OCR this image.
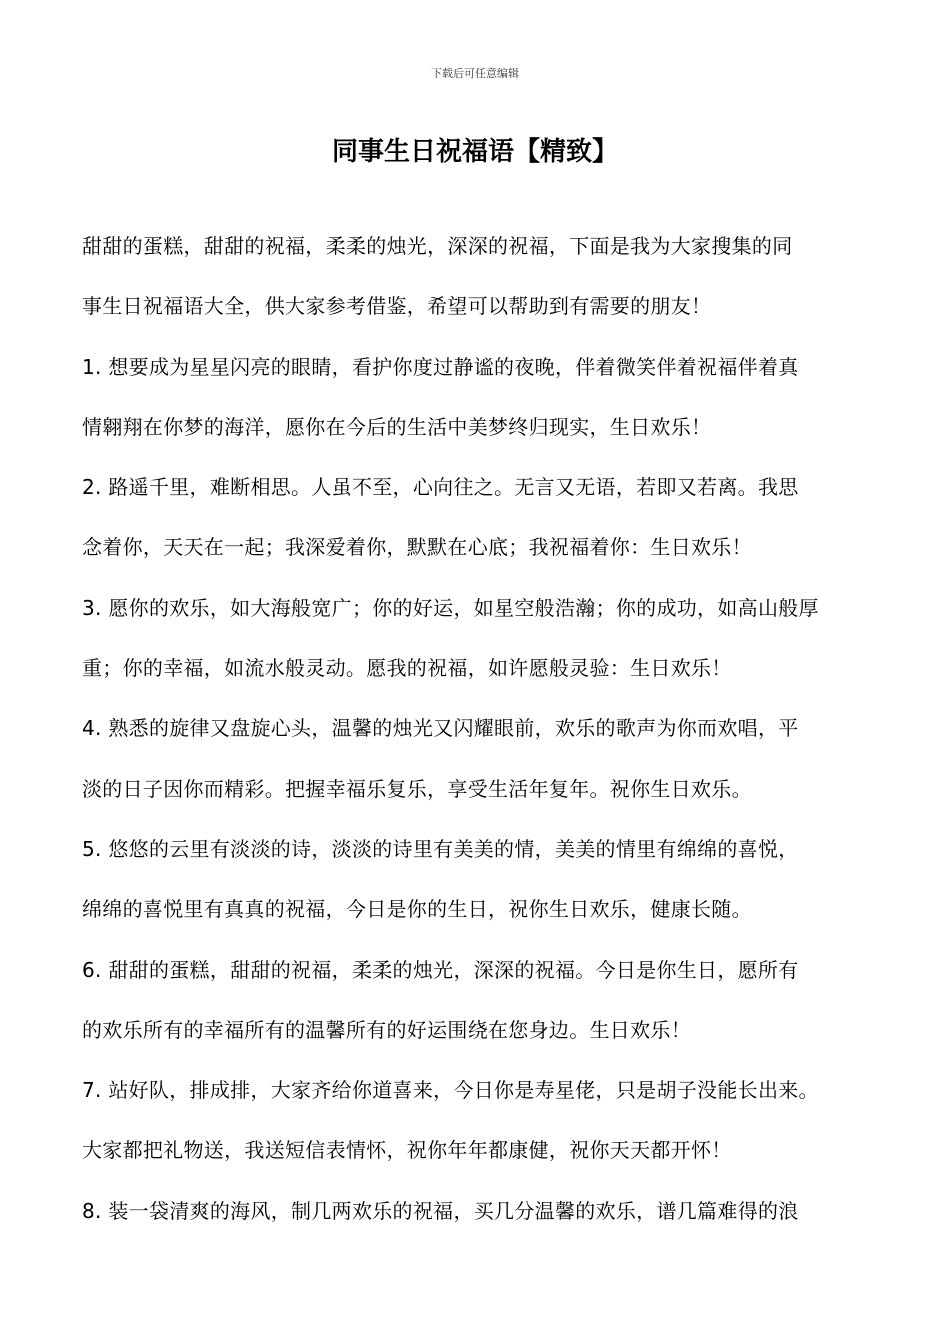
下载后可任意编辑
同事生日祝福语【精致】
甜甜的蛋糕，甜甜的祝福，柔柔的烛光，深深的祝福，下面是我为大家搜集的同
事生日祝福语大全，供大家参考借鉴，希望可以帮助到有需要的朋友！
1. 想要成为星星闪亮的眼睛，看护你度过静谧的夜晚，伴着微笑伴着祝福伴着真
情翱翔在你梦的海洋，愿你在今后的生活中美梦终归现实，生日欢乐！
2. 路遥千里，难断相思。人虽不至，心向往之。无言又无语，若即又若离。我思
念着你，天天在一起；我深爱着你，默默在心底；我祝福着你：生日欢乐！
3. 愿你的欢乐，如大海般宽广；你的好运，如星空般浩瀚；你的成功，如高山般厚
重；你的幸福，如流水般灵动。愿我的祝福，如许愿般灵验：生日欢乐！
4. 熟悉的旋律又盘旋心头，温馨的烛光又闪耀眼前，欢乐的歌声为你而欢唱，平
淡的日子因你而精彩。把握幸福乐复乐，享受生活年复年。祝你生日欢乐。
5. 悠悠的云里有淡淡的诗，淡淡的诗里有美美的情，美美的情里有绵绵的喜悦，
绵绵的喜悦里有真真的祝福，今日是你的生日，祝你生日欢乐，健康长随。
6. 甜甜的蛋糕，甜甜的祝福，柔柔的烛光，深深的祝福。今日是你生日，愿所有
的欢乐所有的幸福所有的温馨所有的好运围绕在您身边。生日欢乐！
7. 站好队，排成排，大家齐给你道喜来，今日你是寿星佬，只是胡子没能长出来。
大家都把礼物送，我送短信表情怀，祝你年年都康健，祝你天天都开怀！
8. 装一袋清爽的海风，制几两欢乐的祝福，买几分温馨的欢乐，谱几篇难得的浪
